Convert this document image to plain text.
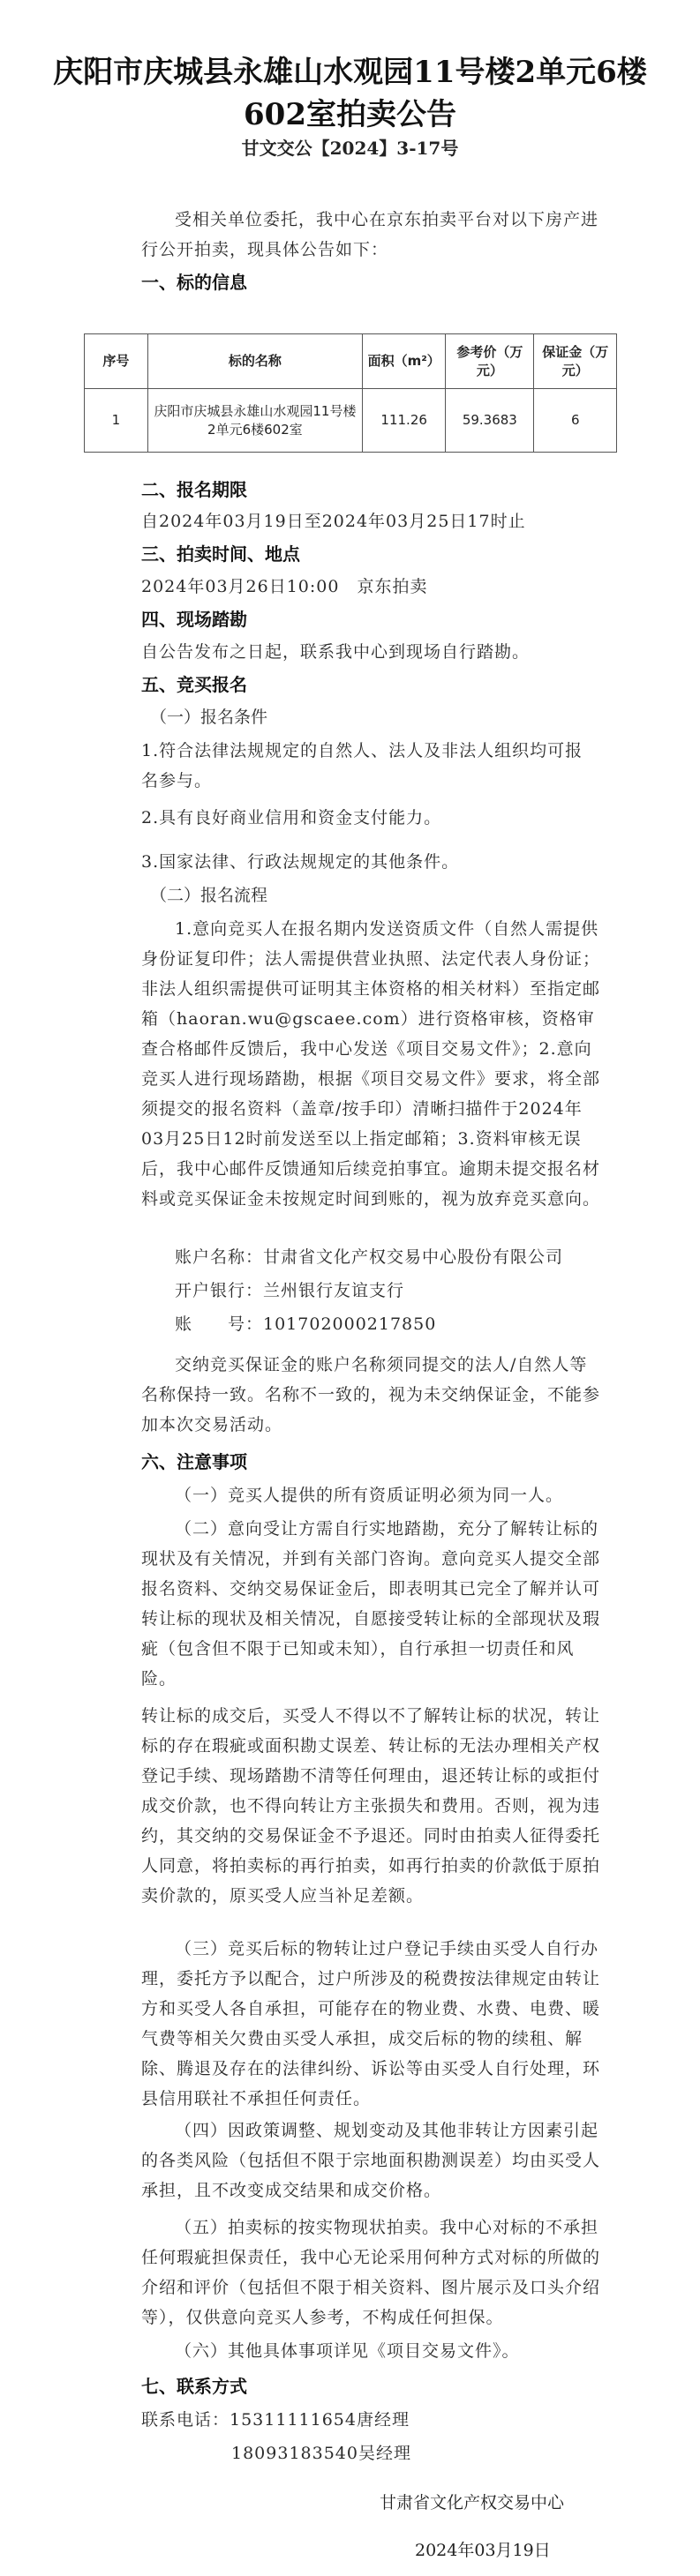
庆阳市庆城县永雄山水观园11号楼2单元6楼602室拍卖公告
甘文交公【2024】3-17号

受相关单位委托，我中心在京东拍卖平台对以下房产进行公开拍卖，现具体公告如下：

一、标的信息

序号	标的名称	面积（m²）	参考价（万元）	保证金（万元）
1	庆阳市庆城县永雄山水观园11号楼2单元6楼602室	111.26	59.3683	6

二、报名期限

自2024年03月19日至2024年03月25日17时止

三、拍卖时间、地点

2024年03月26日10:00　京东拍卖

四、现场踏勘

自公告发布之日起，联系我中心到现场自行踏勘。

五、竞买报名

（一）报名条件

1.符合法律法规规定的自然人、法人及非法人组织均可报名参与。

2.具有良好商业信用和资金支付能力。

3.国家法律、行政法规规定的其他条件。

（二）报名流程

1.意向竞买人在报名期内发送资质文件（自然人需提供身份证复印件；法人需提供营业执照、法定代表人身份证；非法人组织需提供可证明其主体资格的相关材料）至指定邮箱（haoran.wu@gscaee.com）进行资格审核，资格审查合格邮件反馈后，我中心发送《项目交易文件》；2.意向竞买人进行现场踏勘，根据《项目交易文件》要求，将全部须提交的报名资料（盖章/按手印）清晰扫描件于2024年03月25日12时前发送至以上指定邮箱；3.资料审核无误后，我中心邮件反馈通知后续竞拍事宜。逾期未提交报名材料或竞买保证金未按规定时间到账的，视为放弃竞买意向。

账户名称：甘肃省文化产权交易中心股份有限公司

开户银行：兰州银行友谊支行

账　　号：101702000217850

交纳竞买保证金的账户名称须同提交的法人/自然人等名称保持一致。名称不一致的，视为未交纳保证金，不能参加本次交易活动。

六、注意事项

（一）竞买人提供的所有资质证明必须为同一人。

（二）意向受让方需自行实地踏勘，充分了解转让标的现状及有关情况，并到有关部门咨询。意向竞买人提交全部报名资料、交纳交易保证金后，即表明其已完全了解并认可转让标的现状及相关情况，自愿接受转让标的全部现状及瑕疵（包含但不限于已知或未知），自行承担一切责任和风险。

转让标的成交后，买受人不得以不了解转让标的状况，转让标的存在瑕疵或面积勘丈误差、转让标的无法办理相关产权登记手续、现场踏勘不清等任何理由，退还转让标的或拒付成交价款，也不得向转让方主张损失和费用。否则，视为违约，其交纳的交易保证金不予退还。同时由拍卖人征得委托人同意，将拍卖标的再行拍卖，如再行拍卖的价款低于原拍卖价款的，原买受人应当补足差额。

（三）竞买后标的物转让过户登记手续由买受人自行办理，委托方予以配合，过户所涉及的税费按法律规定由转让方和买受人各自承担，可能存在的物业费、水费、电费、暖气费等相关欠费由买受人承担，成交后标的物的续租、解除、腾退及存在的法律纠纷、诉讼等由买受人自行处理，环县信用联社不承担任何责任。

（四）因政策调整、规划变动及其他非转让方因素引起的各类风险（包括但不限于宗地面积勘测误差）均由买受人承担，且不改变成交结果和成交价格。

（五）拍卖标的按实物现状拍卖。我中心对标的不承担任何瑕疵担保责任，我中心无论采用何种方式对标的所做的介绍和评价（包括但不限于相关资料、图片展示及口头介绍等），仅供意向竞买人参考，不构成任何担保。

（六）其他具体事项详见《项目交易文件》。

七、联系方式

联系电话：15311111654唐经理

18093183540吴经理

甘肃省文化产权交易中心
2024年03月19日
